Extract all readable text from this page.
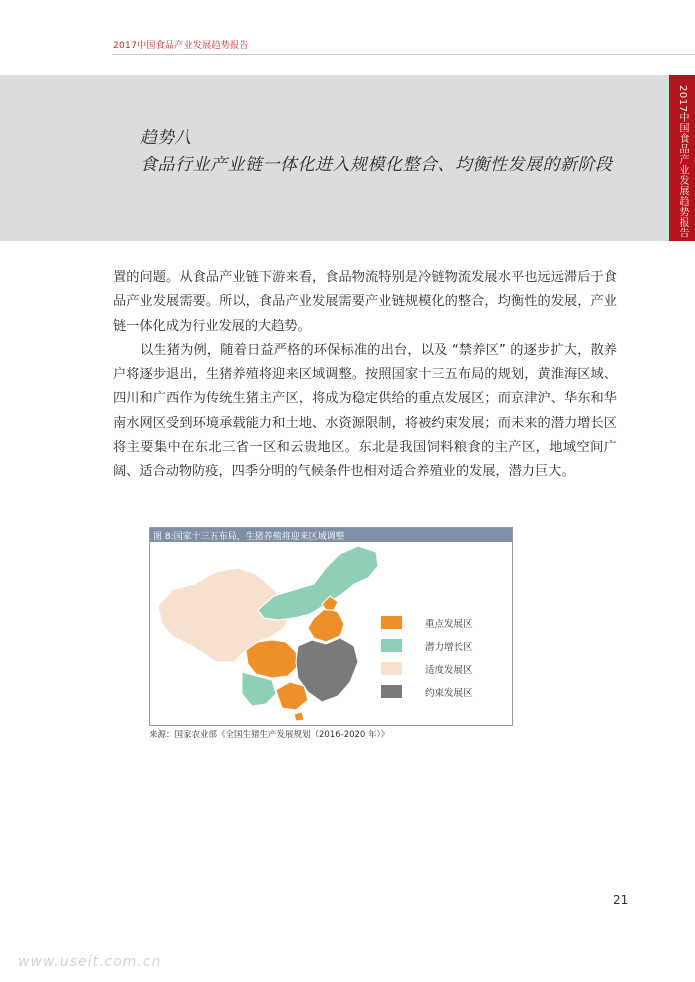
2017中国食品产业发展趋势报告
趋势八
食品行业产业链一体化进入规模化整合、均衡性发展的新阶段	2017中国食品产业发展趋势报告

置的问题。从食品产业链下游来看，食品物流特别是冷链物流发展水平也远远滞后于食品产业发展需要。所以，食品产业发展需要产业链规模化的整合，均衡性的发展，产业链一体化成为行业发展的大趋势。

以生猪为例，随着日益严格的环保标准的出台，以及 “禁养区” 的逐步扩大，散养户将逐步退出，生猪养殖将迎来区域调整。按照国家十三五布局的规划，黄淮海区域、四川和广西作为传统生猪主产区，将成为稳定供给的重点发展区；而京津沪、华东和华南水网区受到环境承载能力和土地、水资源限制，将被约束发展；而未来的潜力增长区将主要集中在东北三省一区和云贵地区。东北是我国饲料粮食的主产区，地域空间广阔、适合动物防疫，四季分明的气候条件也相对适合养殖业的发展，潜力巨大。

图 8:国家十三五布局，生猪养殖将迎来区域调整
重点发展区
潜力增长区
适度发展区
约束发展区
来源：国家农业部《全国生猪生产发展规划（2016-2020 年）》
21
www.useit.com.cn
